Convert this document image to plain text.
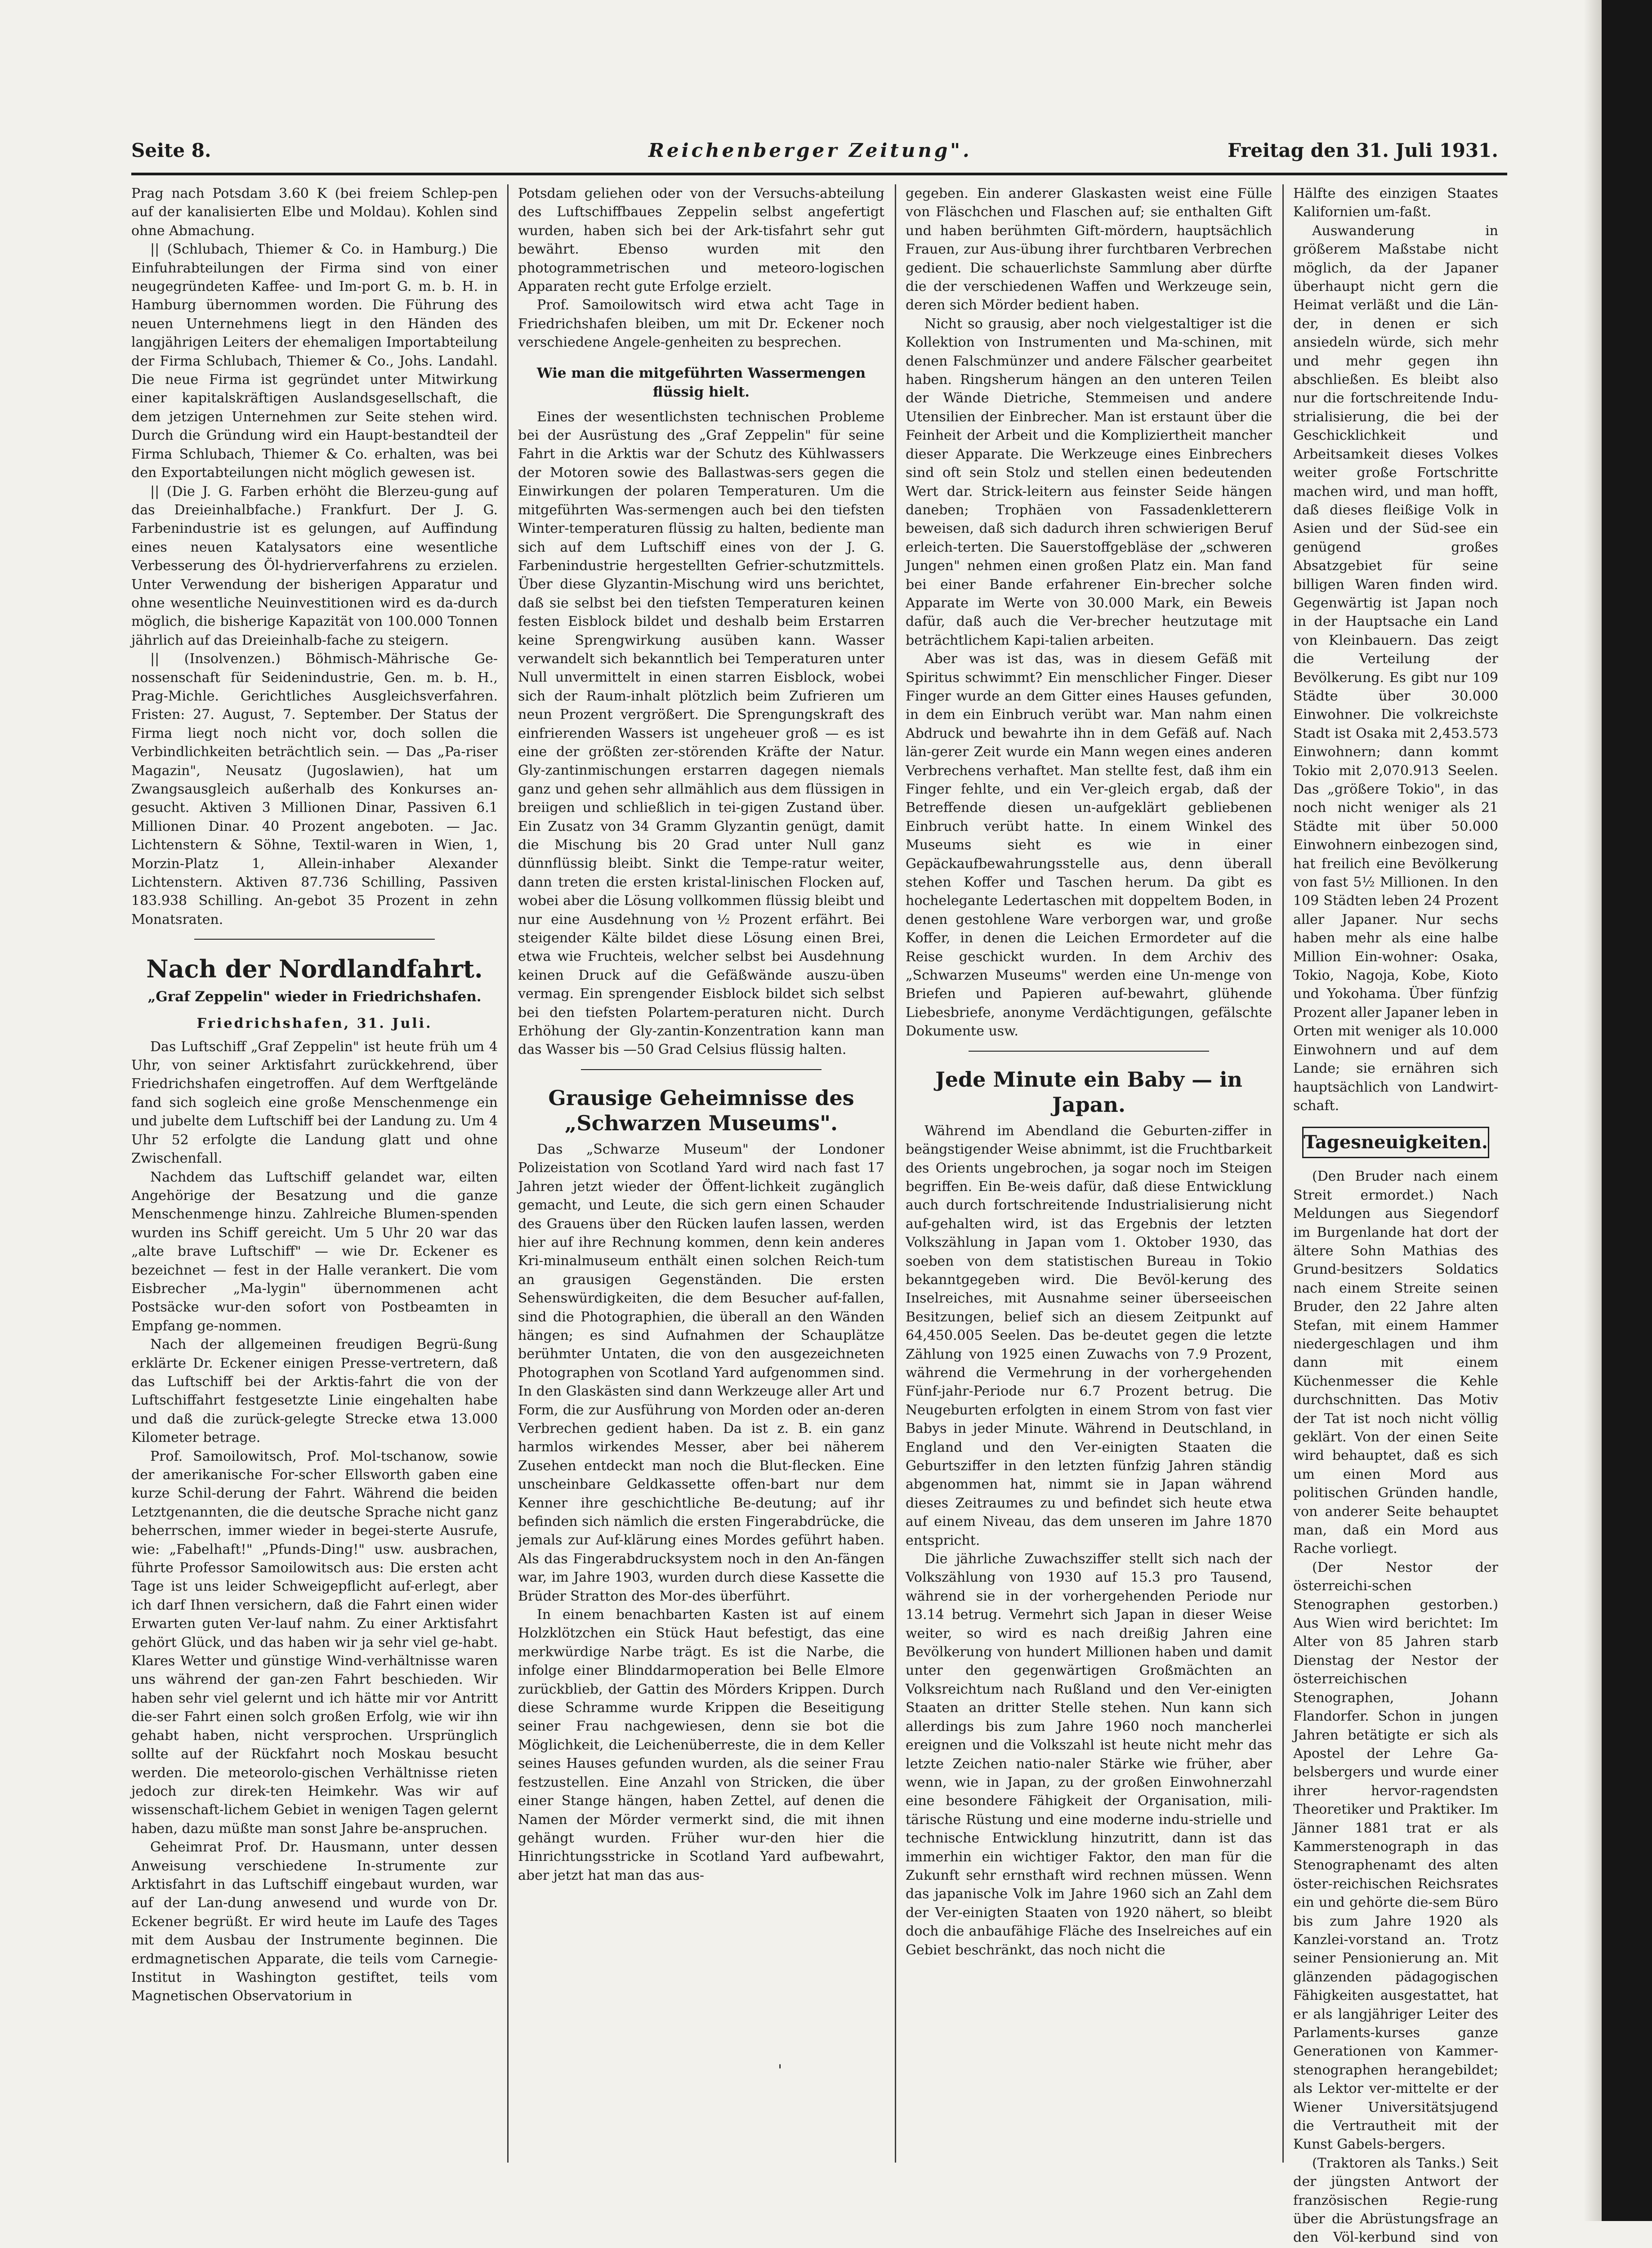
Seite 8.	Reichenberger Zeitung".	Freitag den 31. Juli 1931.

Prag nach Potsdam 3.60 K (bei freiem Schlep-pen auf der kanalisierten Elbe und Moldau). Kohlen sind ohne Abmachung.

|| (Schlubach, Thiemer & Co. in Hamburg.) Die Einfuhrabteilungen der Firma sind von einer neugegründeten Kaffee- und Im-port G. m. b. H. in Hamburg übernommen worden. Die Führung des neuen Unternehmens liegt in den Händen des langjährigen Leiters der ehemaligen Importabteilung der Firma Schlubach, Thiemer & Co., Johs. Landahl. Die neue Firma ist gegründet unter Mitwirkung einer kapitalskräftigen Auslandsgesellschaft, die dem jetzigen Unternehmen zur Seite stehen wird. Durch die Gründung wird ein Haupt-bestandteil der Firma Schlubach, Thiemer & Co. erhalten, was bei den Exportabteilungen nicht möglich gewesen ist.

|| (Die J. G. Farben erhöht die Blerzeu-gung auf das Dreieinhalbfache.) Frankfurt. Der J. G. Farbenindustrie ist es gelungen, auf Auffindung eines neuen Katalysators eine wesentliche Verbesserung des Öl-hydrierverfahrens zu erzielen. Unter Verwendung der bisherigen Apparatur und ohne wesentliche Neuinvestitionen wird es da-durch möglich, die bisherige Kapazität von 100.000 Tonnen jährlich auf das Dreieinhalb-fache zu steigern.

|| (Insolvenzen.) Böhmisch-Mährische Ge-nossenschaft für Seidenindustrie, Gen. m. b. H., Prag-Michle. Gerichtliches Ausgleichsverfahren. Fristen: 27. August, 7. September. Der Status der Firma liegt noch nicht vor, doch sollen die Verbindlichkeiten beträchtlich sein. — Das „Pa-riser Magazin", Neusatz (Jugoslawien), hat um Zwangsausgleich außerhalb des Konkurses an-gesucht. Aktiven 3 Millionen Dinar, Passiven 6.1 Millionen Dinar. 40 Prozent angeboten. — Jac. Lichtenstern & Söhne, Textil-waren in Wien, 1, Morzin-Platz 1, Allein-inhaber Alexander Lichtenstern. Aktiven 87.736 Schilling, Passiven 183.938 Schilling. An-gebot 35 Prozent in zehn Monatsraten.

Nach der Nordlandfahrt.
„Graf Zeppelin" wieder in Friedrichshafen.
Friedrichshafen, 31. Juli.

Das Luftschiff „Graf Zeppelin" ist heute früh um 4 Uhr, von seiner Arktisfahrt zurückkehrend, über Friedrichshafen eingetroffen. Auf dem Werftgelände fand sich sogleich eine große Menschenmenge ein und jubelte dem Luftschiff bei der Landung zu. Um 4 Uhr 52 erfolgte die Landung glatt und ohne Zwischenfall.

Nachdem das Luftschiff gelandet war, eilten Angehörige der Besatzung und die ganze Menschenmenge hinzu. Zahlreiche Blumen-spenden wurden ins Schiff gereicht. Um 5 Uhr 20 war das „alte brave Luftschiff" — wie Dr. Eckener es bezeichnet — fest in der Halle verankert. Die vom Eisbrecher „Ma-lygin" übernommenen acht Postsäcke wur-den sofort von Postbeamten in Empfang ge-nommen.

Nach der allgemeinen freudigen Begrü-ßung erklärte Dr. Eckener einigen Presse-vertretern, daß das Luftschiff bei der Arktis-fahrt die von der Luftschiffahrt festgesetzte Linie eingehalten habe und daß die zurück-gelegte Strecke etwa 13.000 Kilometer betrage.

Prof. Samoilowitsch, Prof. Mol-tschanow, sowie der amerikanische For-scher Ellsworth gaben eine kurze Schil-derung der Fahrt. Während die beiden Letztgenannten, die die deutsche Sprache nicht ganz beherrschen, immer wieder in begei-sterte Ausrufe, wie: „Fabelhaft!" „Pfunds-Ding!" usw. ausbrachen, führte Professor Samoilowitsch aus: Die ersten acht Tage ist uns leider Schweigepflicht auf-erlegt, aber ich darf Ihnen versichern, daß die Fahrt einen wider Erwarten guten Ver-lauf nahm. Zu einer Arktisfahrt gehört Glück, und das haben wir ja sehr viel ge-habt. Klares Wetter und günstige Wind-verhältnisse waren uns während der gan-zen Fahrt beschieden. Wir haben sehr viel gelernt und ich hätte mir vor Antritt die-ser Fahrt einen solch großen Erfolg, wie wir ihn gehabt haben, nicht versprochen. Ursprünglich sollte auf der Rückfahrt noch Moskau besucht werden. Die meteorolo-gischen Verhältnisse rieten jedoch zur direk-ten Heimkehr. Was wir auf wissenschaft-lichem Gebiet in wenigen Tagen gelernt haben, dazu müßte man sonst Jahre be-anspruchen.

Geheimrat Prof. Dr. Hausmann, unter dessen Anweisung verschiedene In-strumente zur Arktisfahrt in das Luftschiff eingebaut wurden, war auf der Lan-dung anwesend und wurde von Dr. Eckener begrüßt. Er wird heute im Laufe des Tages mit dem Ausbau der Instrumente beginnen. Die erdmagnetischen Apparate, die teils vom Carnegie-Institut in Washington gestiftet, teils vom Magnetischen Observatorium in

Potsdam geliehen oder von der Versuchs-abteilung des Luftschiffbaues Zeppelin selbst angefertigt wurden, haben sich bei der Ark-tisfahrt sehr gut bewährt. Ebenso wurden mit den photogrammetrischen und meteoro-logischen Apparaten recht gute Erfolge erzielt.

Prof. Samoilowitsch wird etwa acht Tage in Friedrichshafen bleiben, um mit Dr. Eckener noch verschiedene Angele-genheiten zu besprechen.

Wie man die mitgeführten Wassermengen flüssig hielt.

Eines der wesentlichsten technischen Probleme bei der Ausrüstung des „Graf Zeppelin" für seine Fahrt in die Arktis war der Schutz des Kühlwassers der Motoren sowie des Ballastwas-sers gegen die Einwirkungen der polaren Temperaturen. Um die mitgeführten Was-sermengen auch bei den tiefsten Winter-temperaturen flüssig zu halten, bediente man sich auf dem Luftschiff eines von der J. G. Farbenindustrie hergestellten Gefrier-schutzmittels. Über diese Glyzantin-Mischung wird uns berichtet, daß sie selbst bei den tiefsten Temperaturen keinen festen Eisblock bildet und deshalb beim Erstarren keine Sprengwirkung ausüben kann. Wasser verwandelt sich bekanntlich bei Temperaturen unter Null unvermittelt in einen starren Eisblock, wobei sich der Raum-inhalt plötzlich beim Zufrieren um neun Prozent vergrößert. Die Sprengungskraft des einfrierenden Wassers ist ungeheuer groß — es ist eine der größten zer-störenden Kräfte der Natur. Gly-zantinmischungen erstarren dagegen niemals ganz und gehen sehr allmählich aus dem flüssigen in breiigen und schließlich in tei-gigen Zustand über. Ein Zusatz von 34 Gramm Glyzantin genügt, damit die Mischung bis 20 Grad unter Null ganz dünnflüssig bleibt. Sinkt die Tempe-ratur weiter, dann treten die ersten kristal-linischen Flocken auf, wobei aber die Lösung vollkommen flüssig bleibt und nur eine Ausdehnung von ½ Prozent erfährt. Bei steigender Kälte bildet diese Lösung einen Brei, etwa wie Fruchteis, welcher selbst bei Ausdehnung keinen Druck auf die Gefäßwände auszu-üben vermag. Ein sprengender Eisblock bildet sich selbst bei den tiefsten Polartem-peraturen nicht. Durch Erhöhung der Gly-zantin-Konzentration kann man das Wasser bis —50 Grad Celsius flüssig halten.

Grausige Geheimnisse des „Schwarzen Museums".

Das „Schwarze Museum" der Londoner Polizeistation von Scotland Yard wird nach fast 17 Jahren jetzt wieder der Öffent-lichkeit zugänglich gemacht, und Leute, die sich gern einen Schauder des Grauens über den Rücken laufen lassen, werden hier auf ihre Rechnung kommen, denn kein anderes Kri-minalmuseum enthält einen solchen Reich-tum an grausigen Gegenständen. Die ersten Sehenswürdigkeiten, die dem Besucher auf-fallen, sind die Photographien, die überall an den Wänden hängen; es sind Aufnahmen der Schauplätze berühmter Untaten, die von den ausgezeichneten Photographen von Scotland Yard aufgenommen sind. In den Glaskästen sind dann Werkzeuge aller Art und Form, die zur Ausführung von Morden oder an-deren Verbrechen gedient haben. Da ist z. B. ein ganz harmlos wirkendes Messer, aber bei näherem Zusehen entdeckt man noch die Blut-flecken. Eine unscheinbare Geldkassette offen-bart nur dem Kenner ihre geschichtliche Be-deutung; auf ihr befinden sich nämlich die ersten Fingerabdrücke, die jemals zur Auf-klärung eines Mordes geführt haben. Als das Fingerabdrucksystem noch in den An-fängen war, im Jahre 1903, wurden durch diese Kassette die Brüder Stratton des Mor-des überführt.

In einem benachbarten Kasten ist auf einem Holzklötzchen ein Stück Haut befestigt, das eine merkwürdige Narbe trägt. Es ist die Narbe, die infolge einer Blinddarmoperation bei Belle Elmore zurückblieb, der Gattin des Mörders Krippen. Durch diese Schramme wurde Krippen die Beseitigung seiner Frau nachgewiesen, denn sie bot die Möglichkeit, die Leichenüberreste, die in dem Keller seines Hauses gefunden wurden, als die seiner Frau festzustellen. Eine Anzahl von Stricken, die über einer Stange hängen, haben Zettel, auf denen die Namen der Mörder vermerkt sind, die mit ihnen gehängt wurden. Früher wur-den hier die Hinrichtungsstricke in Scotland Yard aufbewahrt, aber jetzt hat man das aus-

gegeben. Ein anderer Glaskasten weist eine Fülle von Fläschchen und Flaschen auf; sie enthalten Gift und haben berühmten Gift-mördern, hauptsächlich Frauen, zur Aus-übung ihrer furchtbaren Verbrechen gedient. Die schauerlichste Sammlung aber dürfte die der verschiedenen Waffen und Werkzeuge sein, deren sich Mörder bedient haben.

Nicht so grausig, aber noch vielgestaltiger ist die Kollektion von Instrumenten und Ma-schinen, mit denen Falschmünzer und andere Fälscher gearbeitet haben. Ringsherum hängen an den unteren Teilen der Wände Dietriche, Stemmeisen und andere Utensilien der Einbrecher. Man ist erstaunt über die Feinheit der Arbeit und die Kompliziertheit mancher dieser Apparate. Die Werkzeuge eines Einbrechers sind oft sein Stolz und stellen einen bedeutenden Wert dar. Strick-leitern aus feinster Seide hängen daneben; Trophäen von Fassadenkletterern beweisen, daß sich dadurch ihren schwierigen Beruf erleich-terten. Die Sauerstoffgebläse der „schweren Jungen" nehmen einen großen Platz ein. Man fand bei einer Bande erfahrener Ein-brecher solche Apparate im Werte von 30.000 Mark, ein Beweis dafür, daß auch die Ver-brecher heutzutage mit beträchtlichem Kapi-talien arbeiten.

Aber was ist das, was in diesem Gefäß mit Spiritus schwimmt? Ein menschlicher Finger. Dieser Finger wurde an dem Gitter eines Hauses gefunden, in dem ein Einbruch verübt war. Man nahm einen Abdruck und bewahrte ihn in dem Gefäß auf. Nach län-gerer Zeit wurde ein Mann wegen eines anderen Verbrechens verhaftet. Man stellte fest, daß ihm ein Finger fehlte, und ein Ver-gleich ergab, daß der Betreffende diesen un-aufgeklärt gebliebenen Einbruch verübt hatte. In einem Winkel des Museums sieht es wie in einer Gepäckaufbewahrungsstelle aus, denn überall stehen Koffer und Taschen herum. Da gibt es hochelegante Ledertaschen mit doppeltem Boden, in denen gestohlene Ware verborgen war, und große Koffer, in denen die Leichen Ermordeter auf die Reise geschickt wurden. In dem Archiv des „Schwarzen Museums" werden eine Un-menge von Briefen und Papieren auf-bewahrt, glühende Liebesbriefe, anonyme Verdächtigungen, gefälschte Dokumente usw.

Jede Minute ein Baby — in Japan.

Während im Abendland die Geburten-ziffer in beängstigender Weise abnimmt, ist die Fruchtbarkeit des Orients ungebrochen, ja sogar noch im Steigen begriffen. Ein Be-weis dafür, daß diese Entwicklung auch durch fortschreitende Industrialisierung nicht auf-gehalten wird, ist das Ergebnis der letzten Volkszählung in Japan vom 1. Oktober 1930, das soeben von dem statistischen Bureau in Tokio bekanntgegeben wird. Die Bevöl-kerung des Inselreiches, mit Ausnahme seiner überseeischen Besitzungen, belief sich an diesem Zeitpunkt auf 64,450.005 Seelen. Das be-deutet gegen die letzte Zählung von 1925 einen Zuwachs von 7.9 Prozent, während die Vermehrung in der vorhergehenden Fünf-jahr-Periode nur 6.7 Prozent betrug. Die Neugeburten erfolgten in einem Strom von fast vier Babys in jeder Minute. Während in Deutschland, in England und den Ver-einigten Staaten die Geburtsziffer in den letzten fünfzig Jahren ständig abgenommen hat, nimmt sie in Japan während dieses Zeitraumes zu und befindet sich heute etwa auf einem Niveau, das dem unseren im Jahre 1870 entspricht.

Die jährliche Zuwachsziffer stellt sich nach der Volkszählung von 1930 auf 15.3 pro Tausend, während sie in der vorhergehenden Periode nur 13.14 betrug. Vermehrt sich Japan in dieser Weise weiter, so wird es nach dreißig Jahren eine Bevölkerung von hundert Millionen haben und damit unter den gegenwärtigen Großmächten an Volksreichtum nach Rußland und den Ver-einigten Staaten an dritter Stelle stehen. Nun kann sich allerdings bis zum Jahre 1960 noch mancherlei ereignen und die Volkszahl ist heute nicht mehr das letzte Zeichen natio-naler Stärke wie früher, aber wenn, wie in Japan, zu der großen Einwohnerzahl eine besondere Fähigkeit der Organisation, mili-tärische Rüstung und eine moderne indu-strielle und technische Entwicklung hinzutritt, dann ist das immerhin ein wichtiger Faktor, den man für die Zukunft sehr ernsthaft wird rechnen müssen. Wenn das japanische Volk im Jahre 1960 sich an Zahl dem der Ver-einigten Staaten von 1920 nähert, so bleibt doch die anbaufähige Fläche des Inselreiches auf ein Gebiet beschränkt, das noch nicht die

Hälfte des einzigen Staates Kalifornien um-faßt.

Auswanderung in größerem Maßstabe nicht möglich, da der Japaner überhaupt nicht gern die Heimat verläßt und die Län-der, in denen er sich ansiedeln würde, sich mehr und mehr gegen ihn abschließen. Es bleibt also nur die fortschreitende Indu-strialisierung, die bei der Geschicklichkeit und Arbeitsamkeit dieses Volkes weiter große Fortschritte machen wird, und man hofft, daß dieses fleißige Volk in Asien und der Süd-see ein genügend großes Absatzgebiet für seine billigen Waren finden wird. Gegenwärtig ist Japan noch in der Hauptsache ein Land von Kleinbauern. Das zeigt die Verteilung der Bevölkerung. Es gibt nur 109 Städte über 30.000 Einwohner. Die volkreichste Stadt ist Osaka mit 2,453.573 Einwohnern; dann kommt Tokio mit 2,070.913 Seelen. Das „größere Tokio", in das noch nicht weniger als 21 Städte mit über 50.000 Einwohnern einbezogen sind, hat freilich eine Bevölkerung von fast 5½ Millionen. In den 109 Städten leben 24 Prozent aller Japaner. Nur sechs haben mehr als eine halbe Million Ein-wohner: Osaka, Tokio, Nagoja, Kobe, Kioto und Yokohama. Über fünfzig Prozent aller Japaner leben in Orten mit weniger als 10.000 Einwohnern und auf dem Lande; sie ernähren sich hauptsächlich von Landwirt-schaft.

Tagesneuigkeiten.

(Den Bruder nach einem Streit ermordet.) Nach Meldungen aus Siegendorf im Burgenlande hat dort der ältere Sohn Mathias des Grund-besitzers Soldatics nach einem Streite seinen Bruder, den 22 Jahre alten Stefan, mit einem Hammer niedergeschlagen und ihm dann mit einem Küchenmesser die Kehle durchschnitten. Das Motiv der Tat ist noch nicht völlig geklärt. Von der einen Seite wird behauptet, daß es sich um einen Mord aus politischen Gründen handle, von anderer Seite behauptet man, daß ein Mord aus Rache vorliegt.

(Der Nestor der österreichi-schen Stenographen gestorben.) Aus Wien wird berichtet: Im Alter von 85 Jahren starb Dienstag der Nestor der österreichischen Stenographen, Johann Flandorfer. Schon in jungen Jahren betätigte er sich als Apostel der Lehre Ga-belsbergers und wurde einer ihrer hervor-ragendsten Theoretiker und Praktiker. Im Jänner 1881 trat er als Kammerstenograph in das Stenographenamt des alten öster-reichischen Reichsrates ein und gehörte die-sem Büro bis zum Jahre 1920 als Kanzlei-vorstand an. Trotz seiner Pensionierung an. Mit glänzenden pädagogischen Fähigkeiten ausgestattet, hat er als langjähriger Leiter des Parlaments-kurses ganze Generationen von Kammer-stenographen herangebildet; als Lektor ver-mittelte er der Wiener Universitätsjugend die Vertrautheit mit der Kunst Gabels-bergers.

(Traktoren als Tanks.) Seit der jüngsten Antwort der französischen Regie-rung über die Abrüstungsfrage an den Völ-kerbund sind von

'
